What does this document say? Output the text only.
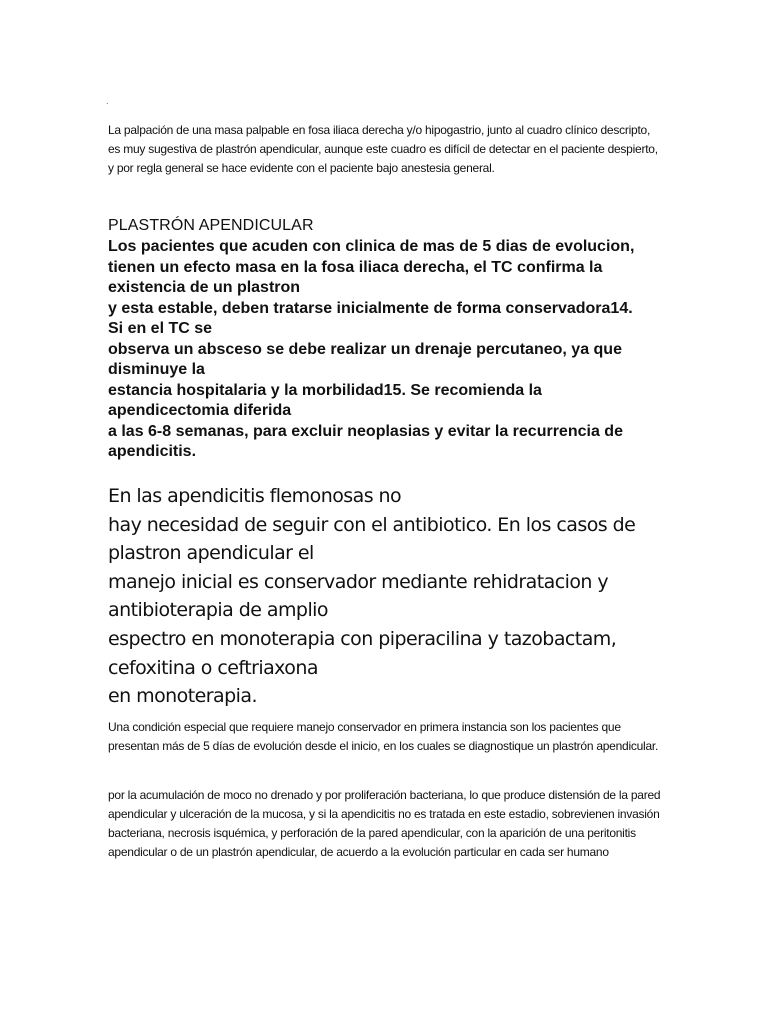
.

La palpación de una masa palpable en fosa iliaca derecha y/o hipogastrio, junto al cuadro clínico descripto, es muy sugestiva de plastrón apendicular, aunque este cuadro es difícil de detectar en el paciente despierto, y por regla general se hace evidente con el paciente bajo anestesia general.

PLASTRÓN APENDICULAR
Los pacientes que acuden con clinica de mas de 5 dias de evolucion,
tienen un efecto masa en la fosa iliaca derecha, el TC confirma la
existencia de un plastron
y esta estable, deben tratarse inicialmente de forma conservadora14.
Si en el TC se
observa un absceso se debe realizar un drenaje percutaneo, ya que
disminuye la
estancia hospitalaria y la morbilidad15. Se recomienda la
apendicectomia diferida
a las 6-8 semanas, para excluir neoplasias y evitar la recurrencia de
apendicitis.
En las apendicitis flemonosas no
hay necesidad de seguir con el antibiotico. En los casos de
plastron apendicular el
manejo inicial es conservador mediante rehidratacion y
antibioterapia de amplio
espectro en monoterapia con piperacilina y tazobactam,
cefoxitina o ceftriaxona
en monoterapia.

Una condición especial que requiere manejo conservador en primera instancia son los pacientes que presentan más de 5 días de evolución desde el inicio, en los cuales se diagnostique un plastrón apendicular.

por la acumulación de moco no drenado y por proliferación bacteriana, lo que produce distensión de la pared apendicular y ulceración de la mucosa, y si la apendicitis no es tratada en este estadio, sobrevienen invasión bacteriana, necrosis isquémica, y perforación de la pared apendicular, con la aparición de una peritonitis apendicular o de un plastrón apendicular, de acuerdo a la evolución particular en cada ser humano
